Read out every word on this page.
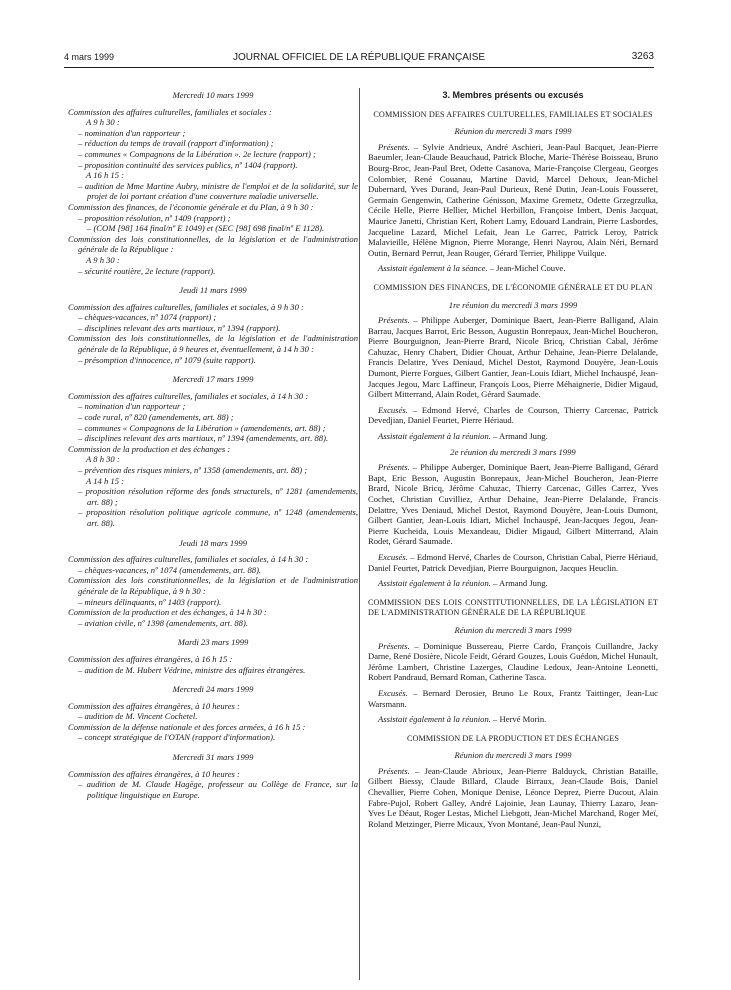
4 mars 1999	JOURNAL OFFICIEL DE LA RÉPUBLIQUE FRANÇAISE	3263
Mercredi 10 mars 1999
Commission des affaires culturelles, familiales et sociales :
A 9 h 30 :
– nomination d'un rapporteur ;
– réduction du temps de travail (rapport d'information) ;
– communes « Compagnons de la Libération ». 2e lecture (rapport) ;
– proposition continuité des services publics, nº 1404 (rapport).
A 16 h 15 :
– audition de Mme Martine Aubry, ministre de l'emploi et de la solidarité, sur le projet de loi portant création d'une couverture maladie universelle.
Commission des finances, de l'économie générale et du Plan, à 9 h 30 :
– proposition résolution, nº 1409 (rapport) ;
– (COM [98] 164 final/nº E 1049) et (SEC [98] 698 final/nº E 1128).
Commission des lois constitutionnelles, de la législation et de l'administration générale de la République :
A 9 h 30 :
– sécurité routière, 2e lecture (rapport).
Jeudi 11 mars 1999
Commission des affaires culturelles, familiales et sociales, à 9 h 30 :
– chèques-vacances, nº 1074 (rapport) ;
– disciplines relevant des arts martiaux, nº 1394 (rapport).
Commission des lois constitutionnelles, de la législation et de l'administration générale de la République, à 9 heures et, éventuellement, à 14 h 30 :
– présomption d'innocence, nº 1079 (suite rapport).
Mercredi 17 mars 1999
Commission des affaires culturelles, familiales et sociales, à 14 h 30 :
– nomination d'un rapporteur ;
– code rural, nº 820 (amendements, art. 88) ;
– communes « Compagnons de la Libération » (amendements, art. 88) ;
– disciplines relevant des arts martiaux, nº 1394 (amendements, art. 88).
Commission de la production et des échanges :
A 8 h 30 :
– prévention des risques miniers, nº 1358 (amendements, art. 88) ;
A 14 h 15 :
– proposition résolution réforme des fonds structurels, nº 1281 (amendements, art. 88) ;
– proposition résolution politique agricole commune, nº 1248 (amendements, art. 88).
Jeudi 18 mars 1999
Commission des affaires culturelles, familiales et sociales, à 14 h 30 :
– chèques-vacances, nº 1074 (amendements, art. 88).
Commission des lois constitutionnelles, de la législation et de l'administration générale de la République, à 9 h 30 :
– mineurs délinquants, nº 1403 (rapport).
Commission de la production et des échanges, à 14 h 30 :
– aviation civile, nº 1398 (amendements, art. 88).
Mardi 23 mars 1999
Commission des affaires étrangères, à 16 h 15 :
– audition de M. Hubert Védrine, ministre des affaires étrangères.
Mercredi 24 mars 1999
Commission des affaires étrangères, à 10 heures :
– audition de M. Vincent Cochetel.
Commission de la défense nationale et des forces armées, à 16 h 15 :
– concept stratégique de l'OTAN (rapport d'information).
Mercredi 31 mars 1999
Commission des affaires étrangères, à 10 heures :
– audition de M. Claude Hagège, professeur au Collège de France, sur la politique linguistique en Europe.
3. Membres présents ou excusés
COMMISSION DES AFFAIRES CULTURELLES, FAMILIALES ET SOCIALES
Réunion du mercredi 3 mars 1999
Présents. – Sylvie Andrieux, André Aschieri, Jean-Paul Bacquet, Jean-Pierre Baeumler, Jean-Claude Beauchaud, Patrick Bloche, Marie-Thérèse Boisseau, Bruno Bourg-Broc, Jean-Paul Bret, Odette Casanova, Marie-Françoise Clergeau, Georges Colombier, René Couanau, Martine David, Marcel Dehoux, Jean-Michel Dubernard, Yves Durand, Jean-Paul Durieux, René Dutin, Jean-Louis Fousseret, Germain Gengenwin, Catherine Génisson, Maxime Gremetz, Odette Grzegrzulka, Cécile Helle, Pierre Hellier, Michel Herbillon, Françoise Imbert, Denis Jacquat, Maurice Janetti, Christian Kert, Robert Lamy, Edouard Landrain, Pierre Lasbordes, Jacqueline Lazard, Michel Lefait, Jean Le Garrec, Patrick Leroy, Patrick Malavieille, Hélène Mignon, Pierre Morange, Henri Nayrou, Alain Néri, Bernard Outin, Bernard Perrut, Jean Rouger, Gérard Terrier, Philippe Vuilque.
Assistait également à la séance. – Jean-Michel Couve.
COMMISSION DES FINANCES, DE L'ÉCONOMIE GÉNÉRALE ET DU PLAN
1re réunion du mercredi 3 mars 1999
Présents. – Philippe Auberger, Dominique Baert, Jean-Pierre Balligand, Alain Barrau, Jacques Barrot, Eric Besson, Augustin Bonrepaux, Jean-Michel Boucheron, Pierre Bourguignon, Jean-Pierre Brard, Nicole Bricq, Christian Cabal, Jérôme Cahuzac, Henry Chabert, Didier Chouat, Arthur Dehaine, Jean-Pierre Delalande, Francis Delattre, Yves Deniaud, Michel Destot, Raymond Douyère, Jean-Louis Dumont, Pierre Forgues, Gilbert Gantier, Jean-Louis Idiart, Michel Inchauspé, Jean-Jacques Jegou, Marc Laffineur, François Loos, Pierre Méhaignerie, Didier Migaud, Gilbert Mitterrand, Alain Rodet, Gérard Saumade.
Excusés. – Edmond Hervé, Charles de Courson, Thierry Carcenac, Patrick Devedjian, Daniel Feurtet, Pierre Hériaud.
Assistait également à la réunion. – Armand Jung.
2e réunion du mercredi 3 mars 1999
Présents. – Philippe Auberger, Dominique Baert, Jean-Pierre Balligand, Gérard Bapt, Eric Besson, Augustin Bonrepaux, Jean-Michel Boucheron, Jean-Pierre Brard, Nicole Bricq, Jérôme Cahuzac, Thierry Carcenac, Gilles Carrez, Yves Cochet, Christian Cuvilliez, Arthur Dehaine, Jean-Pierre Delalande, Francis Delattre, Yves Deniaud, Michel Destot, Raymond Douyère, Jean-Louis Dumont, Gilbert Gantier, Jean-Louis Idiart, Michel Inchauspé, Jean-Jacques Jegou, Jean-Pierre Kucheida, Louis Mexandeau, Didier Migaud, Gilbert Mitterrand, Alain Rodet, Gérard Saumade.
Excusés. – Edmond Hervé, Charles de Courson, Christian Cabal, Pierre Hériaud, Daniel Feurtet, Patrick Devedjian, Pierre Bourguignon, Jacques Heuclin.
Assistait également à la réunion. – Armand Jung.
COMMISSION DES LOIS CONSTITUTIONNELLES, DE LA LÉGISLATION ET DE L'ADMINISTRATION GÉNÉRALE DE LA RÉPUBLIQUE
Réunion du mercredi 3 mars 1999
Présents. – Dominique Bussereau, Pierre Cardo, François Cuillandre, Jacky Darne, René Dosière, Nicole Feidt, Gérard Gouzes, Louis Guédon, Michel Hunault, Jérôme Lambert, Christine Lazerges, Claudine Ledoux, Jean-Antoine Leonetti, Robert Pandraud, Bernard Roman, Catherine Tasca.
Excusés. – Bernard Derosier, Bruno Le Roux, Frantz Taittinger, Jean-Luc Warsmann.
Assistait également à la réunion. – Hervé Morin.
COMMISSION DE LA PRODUCTION ET DES ÉCHANGES
Réunion du mercredi 3 mars 1999
Présents. – Jean-Claude Abrioux, Jean-Pierre Balduyck, Christian Bataille, Gilbert Biessy, Claude Billard, Claude Birraux, Jean-Claude Bois, Daniel Chevallier, Pierre Cohen, Monique Denise, Léonce Deprez, Pierre Ducout, Alain Fabre-Pujol, Robert Galley, André Lajoinie, Jean Launay, Thierry Lazaro, Jean-Yves Le Déaut, Roger Lestas, Michel Liebgott, Jean-Michel Marchand, Roger Meï, Roland Metzinger, Pierre Micaux, Yvon Montané, Jean-Paul Nunzi,
